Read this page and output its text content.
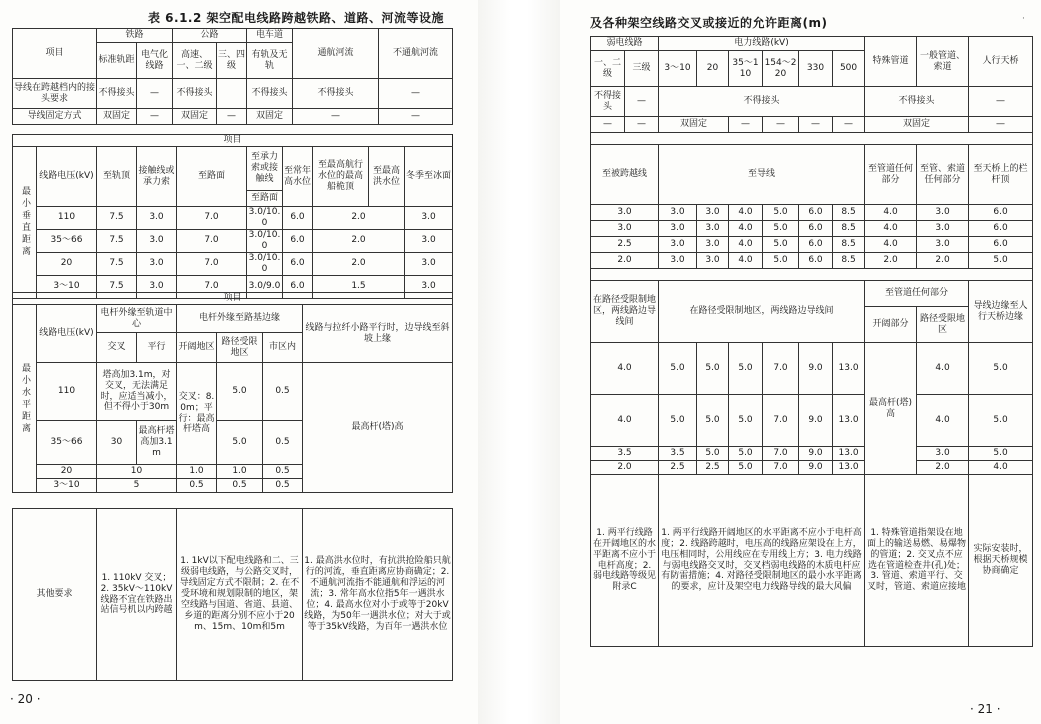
表 6.1.2 架空配电线路跨越铁路、道路、河流等设施
项目	铁路		公路		电车道	通航河流	不通航河流
	标准轨距	电气化线路	高速、一、二级	三、四级	有轨及无轨		
导线在跨越档内的接头要求	不得接头	—	不得接头		不得接头	不得接头	—
导线固定方式	双固定	—	双固定	—	双固定	—	—
项目										
最小垂直距离	线路电压(kV)	至轨顶	接触线或承力索	至路面	至承力索或接触线	至常年高水位	至最高航行水位的最高船桅顶	至最高洪水位	冬季至冰面	
					至路面					
	110	7.5	3.0	7.0	3.0/10.0	6.0	2.0		3.0	
	35～66	7.5	3.0	7.0	3.0/10.0	6.0	2.0		3.0	
	20	7.5	3.0	7.0	3.0/10.0	6.0	2.0		3.0	
	3～10	7.5	3.0	7.0	3.0/9.0	6.0	1.5		3.0	
项目							
最小水平距离	线路电压(kV)	电杆外缘至轨道中心		电杆外缘至路基边缘			线路与拉纤小路平行时，边导线至斜坡上缘
		交叉	平行	开阔地区	路径受限地区	市区内	
	110	塔高加3.1m，对交叉，无法满足时，应适当减小，但不得小于30m		交叉：8.0m；平行：最高杆塔高	5.0	0.5	最高杆(塔)高
	35～66	30	最高杆塔高加3.1m		5.0	0.5	
	20	10		1.0	1.0	0.5	
	3～10	5		0.5	0.5	0.5	
其他要求	1. 110kV 交叉；2. 35kV～110kV线路不宜在铁路出站信号机以内跨越	1. 1kV以下配电线路和二、三级弱电线路，与公路交叉时，导线固定方式不限制；2. 在不受环境和规划限制的地区，架空线路与国道、省道、县道、乡道的距离分别不应小于20m、15m、10m和5m	1. 最高洪水位时，有抗洪抢险船只航行的河流，垂直距离应协商确定；2. 不通航河流指不能通航和浮运的河流；3. 常年高水位指5年一遇洪水位；4. 最高水位对小于或等于20kV线路，为50年一遇洪水位；对大于或等于35kV线路，为百年一遇洪水位
· 20 ·
及各种架空线路交叉或接近的允许距离(m)	·
弱电线路		电力线路(kV)						特殊管道	一般管道、索道	人行天桥
一、二级	三级	3～10	20	35～110	154～220	330	500			
不得接头	—	不得接头						不得接头		—
—	—	双固定		—	—	—	—	双固定		—

至被跨越线		至导线						至管道任何部分	至管、索道任何部分	至天桥上的栏杆顶
3.0		3.0	3.0	4.0	5.0	6.0	8.5	4.0	3.0	6.0
3.0		3.0	3.0	4.0	5.0	6.0	8.5	4.0	3.0	6.0
2.5		3.0	3.0	4.0	5.0	6.0	8.5	4.0	3.0	6.0
2.0		3.0	3.0	4.0	5.0	6.0	8.5	2.0	2.0	5.0

在路径受限制地区，两线路边导线间		在路径受限制地区，两线路边导线间						至管道任何部分		导线边缘至人行天桥边缘
								开阔部分	路径受限地区	
4.0		5.0	5.0	5.0	7.0	9.0	13.0	最高杆(塔)高	4.0	5.0
4.0		5.0	5.0	5.0	7.0	9.0	13.0		4.0	5.0
3.5		3.5	5.0	5.0	7.0	9.0	13.0		3.0	5.0
2.0		2.5	2.5	5.0	7.0	9.0	13.0		2.0	4.0
1. 两平行线路在开阔地区的水平距离不应小于电杆高度；2. 弱电线路等级见附录C		1. 两平行线路开阔地区的水平距离不应小于电杆高度；2. 线路跨越时，电压高的线路应架设在上方，电压相同时，公用线应在专用线上方；3. 电力线路与弱电线路交叉时，交叉档弱电线路的木质电杆应有防雷措施；4. 对路径受限制地区的最小水平距离的要求，应计及架空电力线路导线的最大风偏						1. 特殊管道指架设在地面上的输送易燃、易爆物的管道；2. 交叉点不应选在管道检查井(孔)处；3. 管道、索道平行、交叉时，管道、索道应接地		实际安装时，根据天桥规模协商确定
· 21 ·
